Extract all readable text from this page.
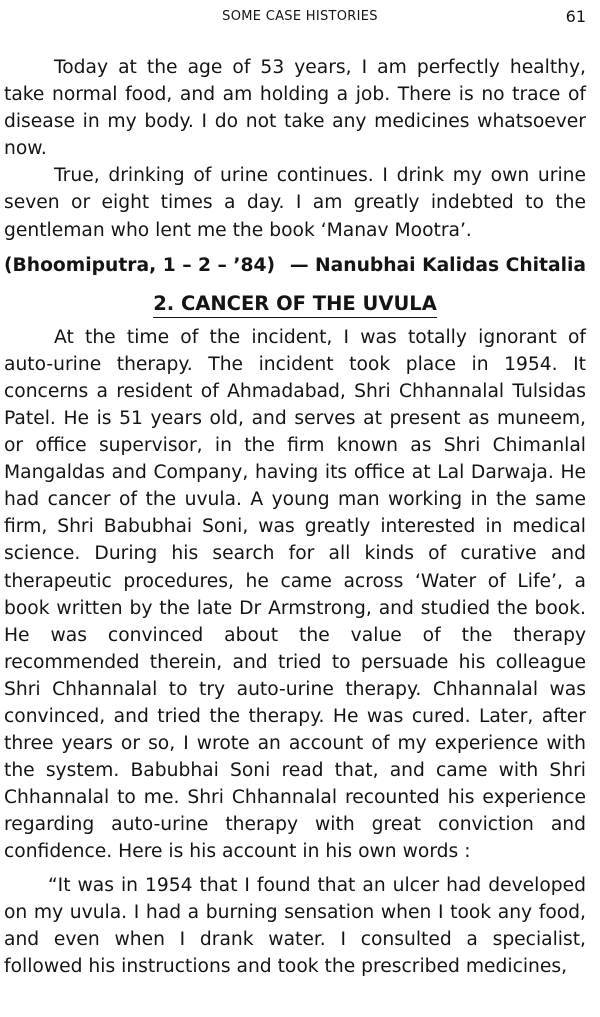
SOME CASE HISTORIES	61

Today at the age of 53 years, I am perfectly healthy, take normal food, and am holding a job. There is no trace of disease in my body. I do not take any medicines whatsoever now.

True, drinking of urine continues. I drink my own urine seven or eight times a day. I am greatly indebted to the gentleman who lent me the book ‘Manav Mootra’.

(Bhoomiputra, 1 – 2 – ’84) — Nanubhai Kalidas Chitalia
2. CANCER OF THE UVULA

At the time of the incident, I was totally ignorant of auto-urine therapy. The incident took place in 1954. It concerns a resident of Ahmadabad, Shri Chhannalal Tulsidas Patel. He is 51 years old, and serves at present as muneem, or office supervisor, in the firm known as Shri Chimanlal Mangaldas and Company, having its office at Lal Darwaja. He had cancer of the uvula. A young man working in the same firm, Shri Babubhai Soni, was greatly interested in medical science. During his search for all kinds of curative and therapeutic procedures, he came across ‘Water of Life’, a book written by the late Dr Armstrong, and studied the book. He was convinced about the value of the therapy recommended therein, and tried to persuade his colleague Shri Chhannalal to try auto-urine therapy. Chhannalal was convinced, and tried the therapy. He was cured. Later, after three years or so, I wrote an account of my experience with the system. Babubhai Soni read that, and came with Shri Chhannalal to me. Shri Chhannalal recounted his experience regarding auto-urine therapy with great conviction and confidence. Here is his account in his own words :

“It was in 1954 that I found that an ulcer had developed on my uvula. I had a burning sensation when I took any food, and even when I drank water. I consulted a specialist, followed his instructions and took the prescribed medicines,
